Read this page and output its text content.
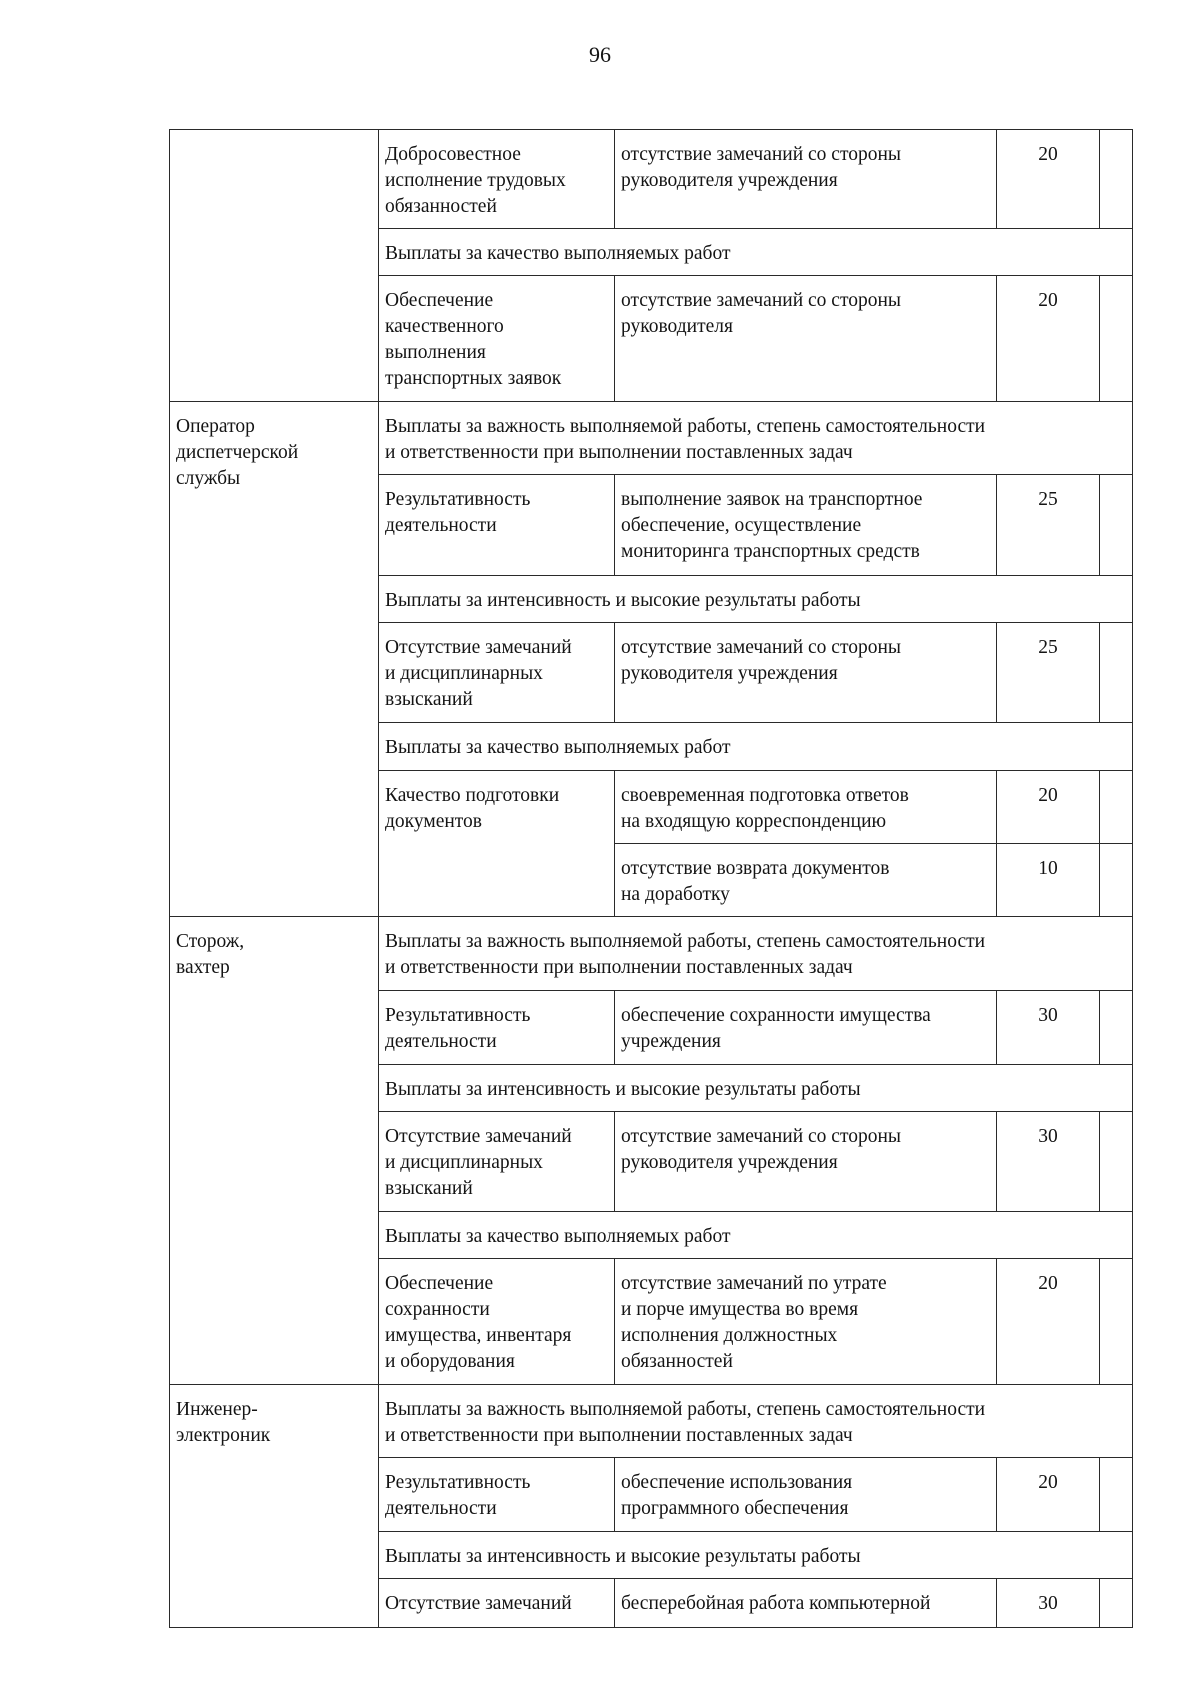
96
	Добросовестное
исполнение трудовых
обязанностей	отсутствие замечаний со стороны
руководителя учреждения	20	
	Выплаты за качество выполняемых работ			
	Обеспечение
качественного
выполнения
транспортных заявок	отсутствие замечаний со стороны
руководителя	20	
Оператор
диспетчерской
службы	Выплаты за важность выполняемой работы, степень самостоятельности
и ответственности при выполнении поставленных задач			
	Результативность
деятельности	выполнение заявок на транспортное
обеспечение, осуществление
мониторинга транспортных средств	25	
	Выплаты за интенсивность и высокие результаты работы			
	Отсутствие замечаний
и дисциплинарных
взысканий	отсутствие замечаний со стороны
руководителя учреждения	25	
	Выплаты за качество выполняемых работ			
	Качество подготовки
документов	своевременная подготовка ответов
на входящую корреспонденцию	20	
		отсутствие возврата документов
на доработку	10	

Сторож,
вахтер	Выплаты за важность выполняемой работы, степень самостоятельности
и ответственности при выполнении поставленных задач			
	Результативность
деятельности	обеспечение сохранности имущества
учреждения	30	
	Выплаты за интенсивность и высокие результаты работы			
	Отсутствие замечаний
и дисциплинарных
взысканий	отсутствие замечаний со стороны
руководителя учреждения	30	
	Выплаты за качество выполняемых работ			
	Обеспечение
сохранности
имущества, инвентаря
и оборудования	отсутствие замечаний по утрате
и порче имущества во время
исполнения должностных
обязанностей	20	
Инженер-
электроник	Выплаты за важность выполняемой работы, степень самостоятельности
и ответственности при выполнении поставленных задач			
	Результативность
деятельности	обеспечение использования
программного обеспечения	20	
	Выплаты за интенсивность и высокие результаты работы			
	Отсутствие замечаний	бесперебойная работа компьютерной	30	
